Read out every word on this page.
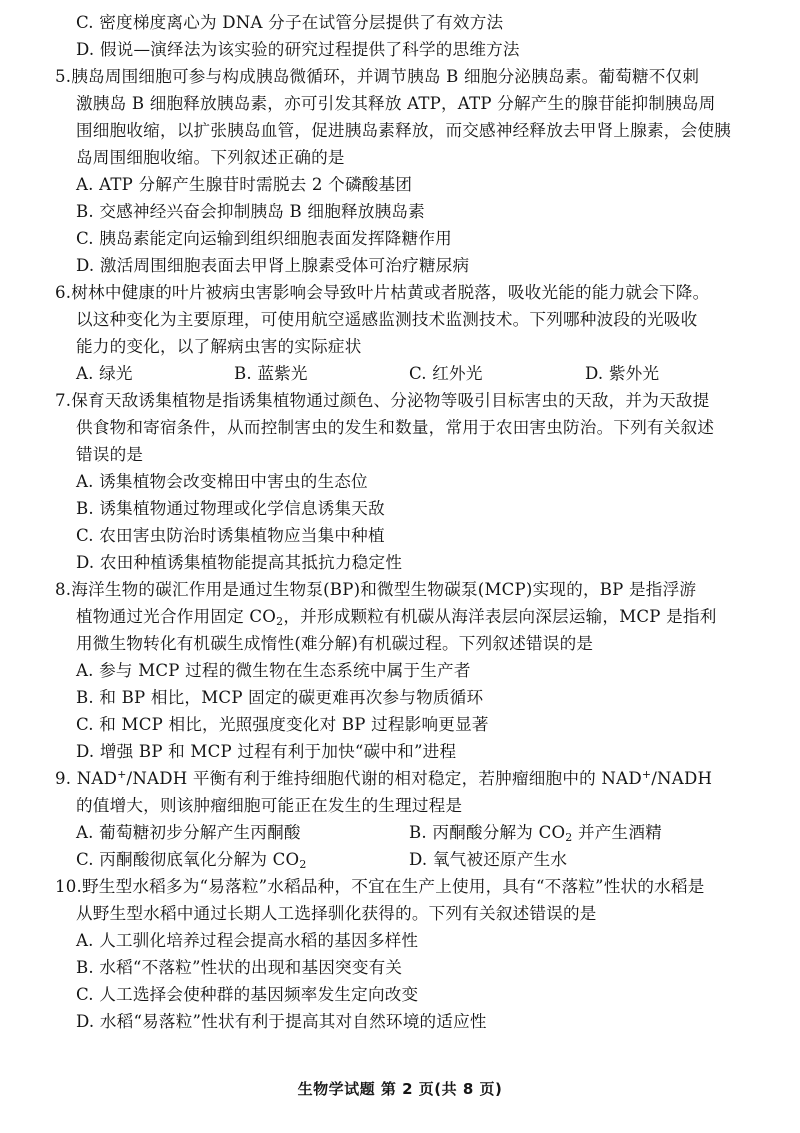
C. 密度梯度离心为 DNA 分子在试管分层提供了有效方法
D. 假说—演绎法为该实验的研究过程提供了科学的思维方法
5.胰岛周围细胞可参与构成胰岛微循环，并调节胰岛 B 细胞分泌胰岛素。葡萄糖不仅刺
激胰岛 B 细胞释放胰岛素，亦可引发其释放 ATP，ATP 分解产生的腺苷能抑制胰岛周
围细胞收缩，以扩张胰岛血管，促进胰岛素释放，而交感神经释放去甲肾上腺素，会使胰
岛周围细胞收缩。下列叙述正确的是
A. ATP 分解产生腺苷时需脱去 2 个磷酸基团
B. 交感神经兴奋会抑制胰岛 B 细胞释放胰岛素
C. 胰岛素能定向运输到组织细胞表面发挥降糖作用
D. 激活周围细胞表面去甲肾上腺素受体可治疗糖尿病
6.树林中健康的叶片被病虫害影响会导致叶片枯黄或者脱落，吸收光能的能力就会下降。
以这种变化为主要原理，可使用航空遥感监测技术监测技术。下列哪种波段的光吸收
能力的变化，以了解病虫害的实际症状
A. 绿光	B. 蓝紫光	C. 红外光	D. 紫外光
7.保育天敌诱集植物是指诱集植物通过颜色、分泌物等吸引目标害虫的天敌，并为天敌提
供食物和寄宿条件，从而控制害虫的发生和数量，常用于农田害虫防治。下列有关叙述
错误的是
A. 诱集植物会改变棉田中害虫的生态位
B. 诱集植物通过物理或化学信息诱集天敌
C. 农田害虫防治时诱集植物应当集中种植
D. 农田种植诱集植物能提高其抵抗力稳定性
8.海洋生物的碳汇作用是通过生物泵(BP)和微型生物碳泵(MCP)实现的，BP 是指浮游
植物通过光合作用固定 $CO_2$，并形成颗粒有机碳从海洋表层向深层运输，MCP 是指利
用微生物转化有机碳生成惰性(难分解)有机碳过程。下列叙述错误的是
A. 参与 MCP 过程的微生物在生态系统中属于生产者
B. 和 BP 相比，MCP 固定的碳更难再次参与物质循环
C. 和 MCP 相比，光照强度变化对 BP 过程影响更显著
D. 增强 BP 和 MCP 过程有利于加快“碳中和”进程
9. NAD+/NADH 平衡有利于维持细胞代谢的相对稳定，若肿瘤细胞中的 NAD+/NADH
的值增大，则该肿瘤细胞可能正在发生的生理过程是
A. 葡萄糖初步分解产生丙酮酸	B. 丙酮酸分解为 $CO_2$ 并产生酒精
C. 丙酮酸彻底氧化分解为 $CO_2$	D. 氧气被还原产生水
10.野生型水稻多为“易落粒”水稻品种，不宜在生产上使用，具有“不落粒”性状的水稻是
从野生型水稻中通过长期人工选择驯化获得的。下列有关叙述错误的是
A. 人工驯化培养过程会提高水稻的基因多样性
B. 水稻“不落粒”性状的出现和基因突变有关
C. 人工选择会使种群的基因频率发生定向改变
D. 水稻“易落粒”性状有利于提高其对自然环境的适应性
生物学试题 第 2 页(共 8 页)
